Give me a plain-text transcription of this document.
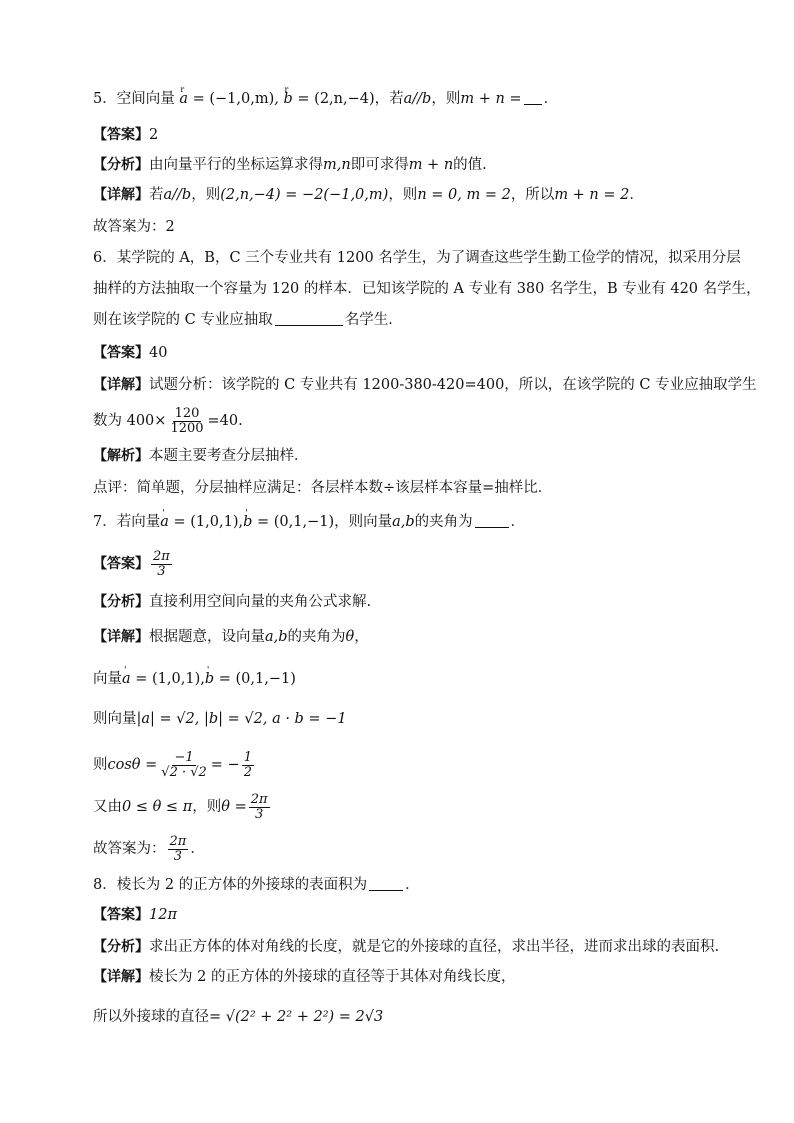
5．空间向量 r a = (−1,0,m), r b = (2,n,−4)，若a//b，则m + n = ．
【答案】2
【分析】由向量平行的坐标运算求得m,n即可求得m + n的值.
【详解】若a//b，则(2,n,−4) = −2(−1,0,m)，则n = 0, m = 2，所以m + n = 2．
故答案为：2
6．某学院的 A，B，C 三个专业共有 1200 名学生，为了调查这些学生勤工俭学的情况，拟采用分层
抽样的方法抽取一个容量为 120 的样本．已知该学院的 A 专业有 380 名学生，B 专业有 420 名学生，
则在该学院的 C 专业应抽取	名学生．
【答案】40
【详解】试题分析：该学院的 C 专业共有 1200-380-420=400，所以，在该学院的 C 专业应抽取学生
数为 $400\times \frac{120}{1200} =40$.
【解析】本题主要考查分层抽样．
点评：简单题，分层抽样应满足：各层样本数÷该层样本容量=抽样比．
7．若向量' a = (1,0,1),' b = (0,1,−1)，则向量a,b的夹角为	．
【答案】 $\frac{2\pi}{3}$
【分析】直接利用空间向量的夹角公式求解.
【详解】根据题意，设向量a,b的夹角为θ，
向量' a = (1,0,1),' b = (0,1,−1)
则向量|a| = √2, |b| = √2, a · b = −1
则$\cos\theta = \frac{-1}{√2 \cdot √2}$ = − $\frac{1}{2}$
又由0 ≤ θ ≤ π，则$\theta = \frac{2\pi}{3}$
故答案为： $\frac{2\pi}{3}$ ．
8．棱长为 2 的正方体的外接球的表面积为	．
【答案】12π
【分析】求出正方体的体对角线的长度，就是它的外接球的直径，求出半径，进而求出球的表面积.
【详解】棱长为 2 的正方体的外接球的直径等于其体对角线长度，
所以外接球的直径= √(2² + 2² + 2²) = 2√3
